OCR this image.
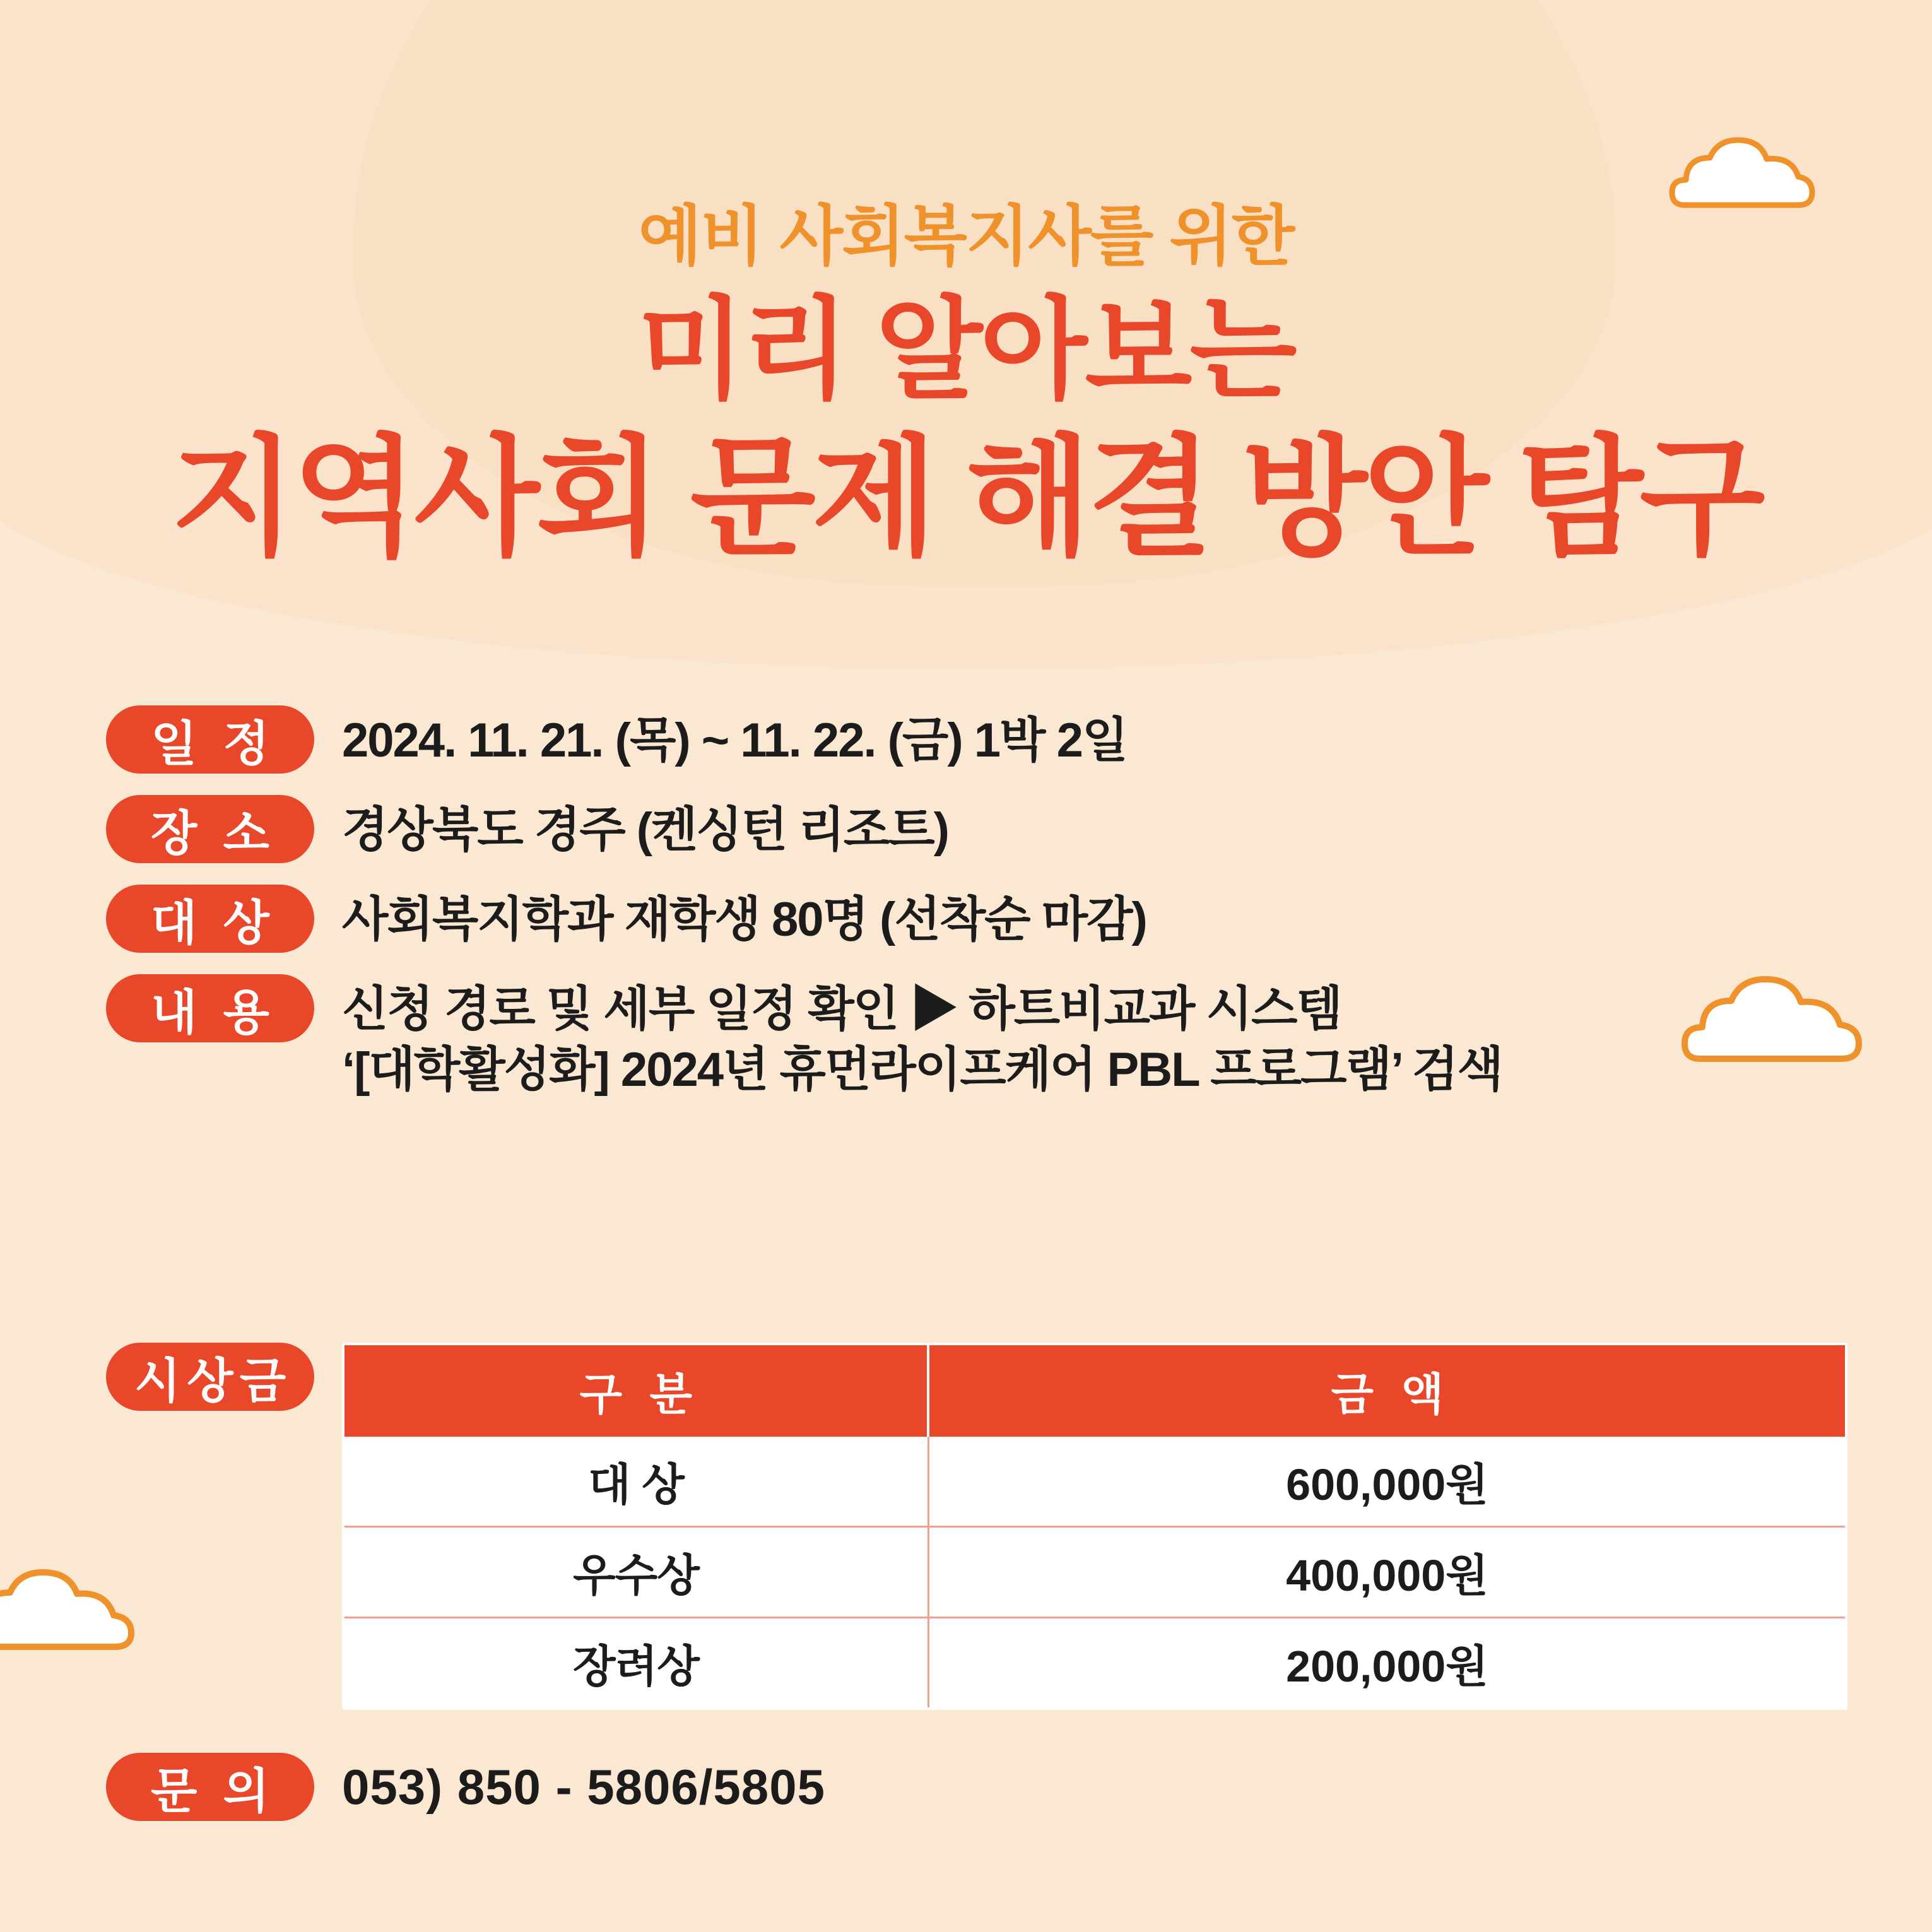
예비 사회복지사를 위한
미리 알아보는
지역사회 문제 해결 방안 탐구
일 정	2024. 11. 21. (목) ~ 11. 22. (금) 1박 2일
장 소	경상북도 경주 (켄싱턴 리조트)
대 상	사회복지학과 재학생 80명 (선착순 마감)
내 용	신청 경로 및 세부 일정 확인 ▶ 하트비교과 시스템
‘[대학활성화] 2024년 휴먼라이프케어 PBL 프로그램’ 검색
시상금	구 분	금 액
대 상	600,000원
우수상	400,000원
장려상	200,000원
문 의	053) 850 - 5806/5805
